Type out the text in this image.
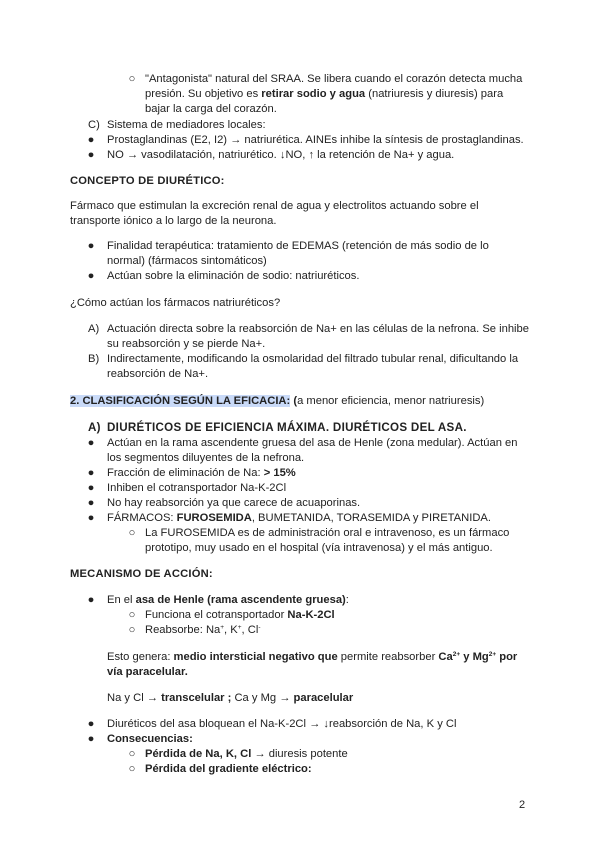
○ "Antagonista" natural del SRAA. Se libera cuando el corazón detecta mucha
presión. Su objetivo es retirar sodio y agua (natriuresis y diuresis) para
bajar la carga del corazón.
C) Sistema de mediadores locales:
●	Prostaglandinas (E2, I2) → natriurética. AINEs inhibe la síntesis de prostaglandinas.
●	NO → vasodilatación, natriurético. ↓NO, ↑ la retención de Na+ y agua.
CONCEPTO DE DIURÉTICO:
Fármaco que estimulan la excreción renal de agua y electrolitos actuando sobre el
transporte iónico a lo largo de la neurona.
●	Finalidad terapéutica: tratamiento de EDEMAS (retención de más sodio de lo
normal) (fármacos sintomáticos)
●	Actúan sobre la eliminación de sodio: natriuréticos.
¿Cómo actúan los fármacos natriuréticos?
A) Actuación directa sobre la reabsorción de Na+ en las células de la nefrona. Se inhibe
su reabsorción y se pierde Na+.
B) Indirectamente, modificando la osmolaridad del filtrado tubular renal, dificultando la
reabsorción de Na+.
2. CLASIFICACIÓN SEGÚN LA EFICACIA: (a menor eficiencia, menor natriuresis)
A) DIURÉTICOS DE EFICIENCIA MÁXIMA. DIURÉTICOS DEL ASA.
●	Actúan en la rama ascendente gruesa del asa de Henle (zona medular). Actúan en
los segmentos diluyentes de la nefrona.
●	Fracción de eliminación de Na: > 15%
●	Inhiben el cotransportador Na-K-2Cl
●	No hay reabsorción ya que carece de acuaporinas.
●	FÁRMACOS: FUROSEMIDA, BUMETANIDA, TORASEMIDA y PIRETANIDA.
○ La FUROSEMIDA es de administración oral e intravenoso, es un fármaco
prototipo, muy usado en el hospital (vía intravenosa) y el más antiguo.
MECANISMO DE ACCIÓN:
●	En el asa de Henle (rama ascendente gruesa):
○ Funciona el cotransportador Na-K-2Cl
○ Reabsorbe: Na+, K+, Cl-
Esto genera: medio intersticial negativo que permite reabsorber $Ca^{2+}$ y $Mg^{2+}$ por
vía paracelular.
Na y Cl → transcelular ; Ca y Mg → paracelular
●	Diuréticos del asa bloquean el Na-K-2Cl → ↓reabsorción de Na, K y Cl
●	Consecuencias:
○ Pérdida de Na, K, Cl → diuresis potente
○ Pérdida del gradiente eléctrico:
2
